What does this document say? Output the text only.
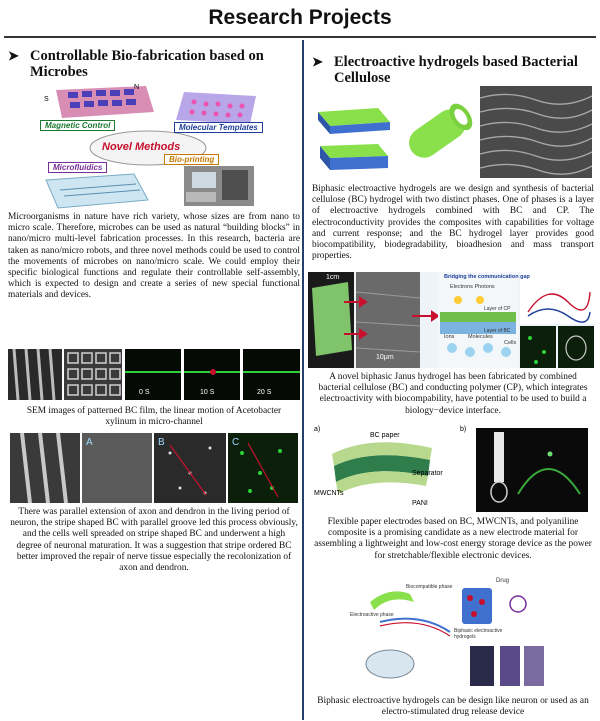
Research Projects
➤ Controllable Bio-fabrication based on Microbes
N
S
Magnetic Control	Molecular Templates
Novel Methods
Microfluidics
Bio-printing
Microorganisms in nature have rich variety, whose sizes are from nano to micro scale. Therefore, microbes can be used as natural “building blocks” in nano/micro multi-level fabrication processes. In this research, bacteria are taken as nano/micro robots, and three novel methods could be used to control the movements of microbes on nano/micro scale. We could employ their specific biological functions and regulate their controllable self-assembly, which is expected to design and create a series of new special functional materials and devices.
0 S	10 S	20 S
SEM images of patterned BC film, the linear motion of Acetobacter xylinum in micro-channel
A	B	C
There was parallel extension of axon and dendron in the living period of neuron, the stripe shaped BC with parallel groove led this process obviously, and the cells well spreaded on stripe shaped BC and underwent a high degree of neuronal maturation. It was a suggestion that stripe ordered BC better improved the repair of nerve tissue especially the recolonization of axon and dendron.
➤ Electroactive hydrogels based Bacterial Cellulose
Biphasic electroactive hydrogels are we design and synthesis of bacterial cellulose (BC) hydrogel with two distinct phases. One of phases is a layer of electroactive hydrogels combined with BC and CP. The electroconductivity provides the composites with capabilities for voltage and current response; and the BC hydrogel layer provides good biocompatibility, biodegradability, bioadhesion and mass transport properties.
1cm
10μm
Bridging the communication gap
Electrons Photons
Cells
Ions Molecules
Layer of CP
Layer of BC
A novel biphasic Janus hydrogel has been fabricated by combined bacterial cellulose (BC) and conducting polymer (CP), which integrates electroactivity with biocompability, have potential to be used to build a biology−device interface.
a)
BC paper
Separator
MWCNTs
PANI
b)
Flexible paper electrodes based on BC, MWCNTs, and polyaniline composite is a promising candidate as a new electrode material for assembling a lightweight and low-cost energy storage device as the power for stretchable/flexible electronic devices.
Electroactive phase
Biocompatible phase
Drug
Biphasic electroactive hydrogels
Biphasic electroactive hydrogels can be design like neuron or used as an electro-stimulated drug release device
